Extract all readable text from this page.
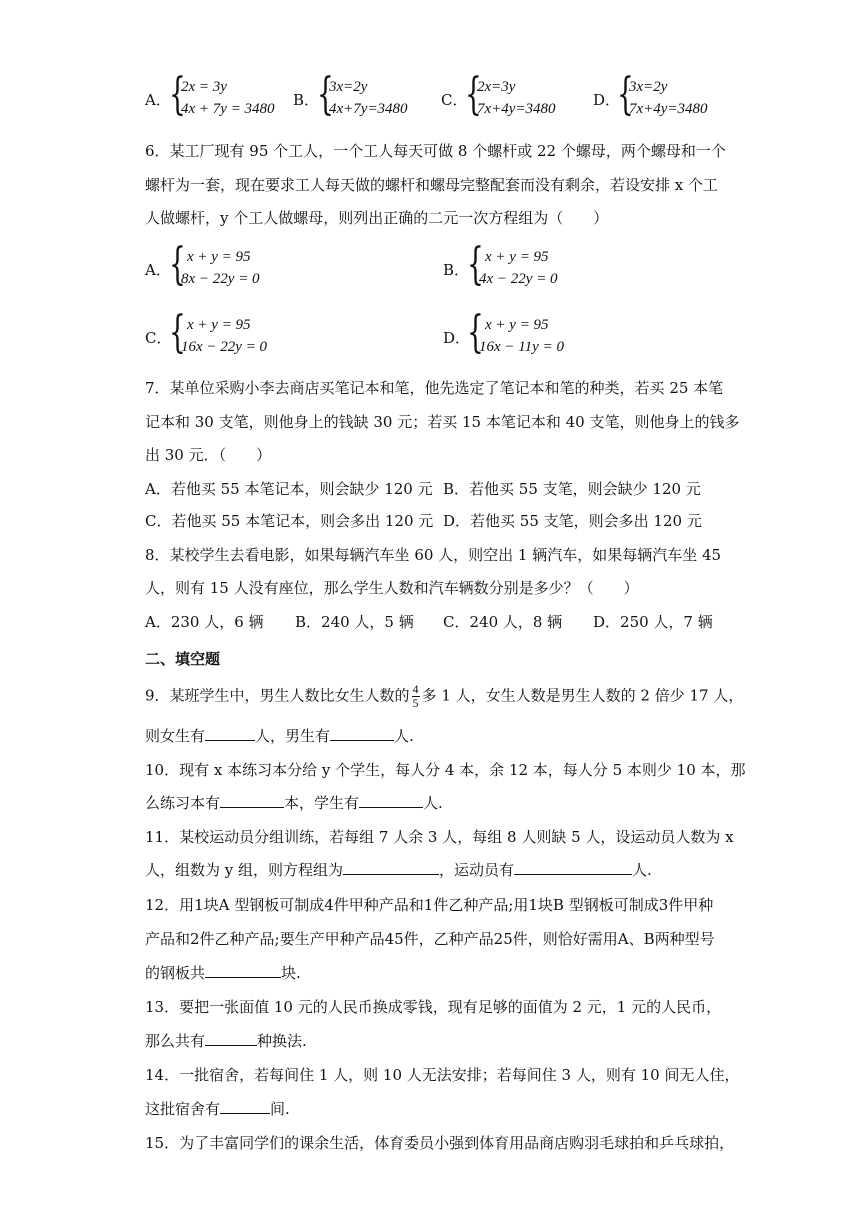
A．
{
2x = 3y
4x + 7y = 3480 B．
{
3x=2y
4x+7y=3480 C．
{
2x=3y
7x+4y=3480 D．
{
3x=2y
7x+4y=3480
6．某工厂现有 95 个工人，一个工人每天可做 8 个螺杆或 22 个螺母，两个螺母和一个
螺杆为一套，现在要求工人每天做的螺杆和螺母完整配套而没有剩余，若设安排 x 个工
人做螺杆，y 个工人做螺母，则列出正确的二元一次方程组为（　　）
A．
{ x + y = 95
8x − 22y = 0	B．
{ x + y = 95
4x − 22y = 0
C．
{ x + y = 95
16x − 22y = 0	D．
{ x + y = 95
16x − 11y = 0
7．某单位采购小李去商店买笔记本和笔，他先选定了笔记本和笔的种类，若买 25 本笔
记本和 30 支笔，则他身上的钱缺 30 元；若买 15 本笔记本和 40 支笔，则他身上的钱多
出 30 元．（　　）
A．若他买 55 本笔记本，则会缺少 120 元 B．若他买 55 支笔，则会缺少 120 元
C．若他买 55 本笔记本，则会多出 120 元 D．若他买 55 支笔，则会多出 120 元
8．某校学生去看电影，如果每辆汽车坐 60 人，则空出 1 辆汽车，如果每辆汽车坐 45
人，则有 15 人没有座位，那么学生人数和汽车辆数分别是多少？（　　）
A．230 人，6 辆 B．240 人，5 辆 C．240 人，8 辆 D．250 人，7 辆
二、填空题
9．某班学生中，男生人数比女生人数的 $\frac{4}{5}$ 多 1 人，女生人数是男生人数的 2 倍少 17 人，
则女生有	人，男生有	人.
10．现有 x 本练习本分给 y 个学生，每人分 4 本，余 12 本，每人分 5 本则少 10 本，那
么练习本有	本，学生有	人.
11．某校运动员分组训练，若每组 7 人余 3 人，每组 8 人则缺 5 人，设运动员人数为 x
人，组数为 y 组，则方程组为	，运动员有	人.
12．用1块A 型钢板可制成4件甲种产品和1件乙种产品;用1块B 型钢板可制成3件甲种
产品和2件乙种产品;要生产甲种产品45件，乙种产品25件，则恰好需用A、B两种型号
的钢板共	块.
13．要把一张面值 10 元的人民币换成零钱，现有足够的面值为 2 元，1 元的人民币，
那么共有	种换法.
14．一批宿舍，若每间住 1 人，则 10 人无法安排；若每间住 3 人，则有 10 间无人住，
这批宿舍有	间.
15．为了丰富同学们的课余生活，体育委员小强到体育用品商店购羽毛球拍和乒乓球拍，
